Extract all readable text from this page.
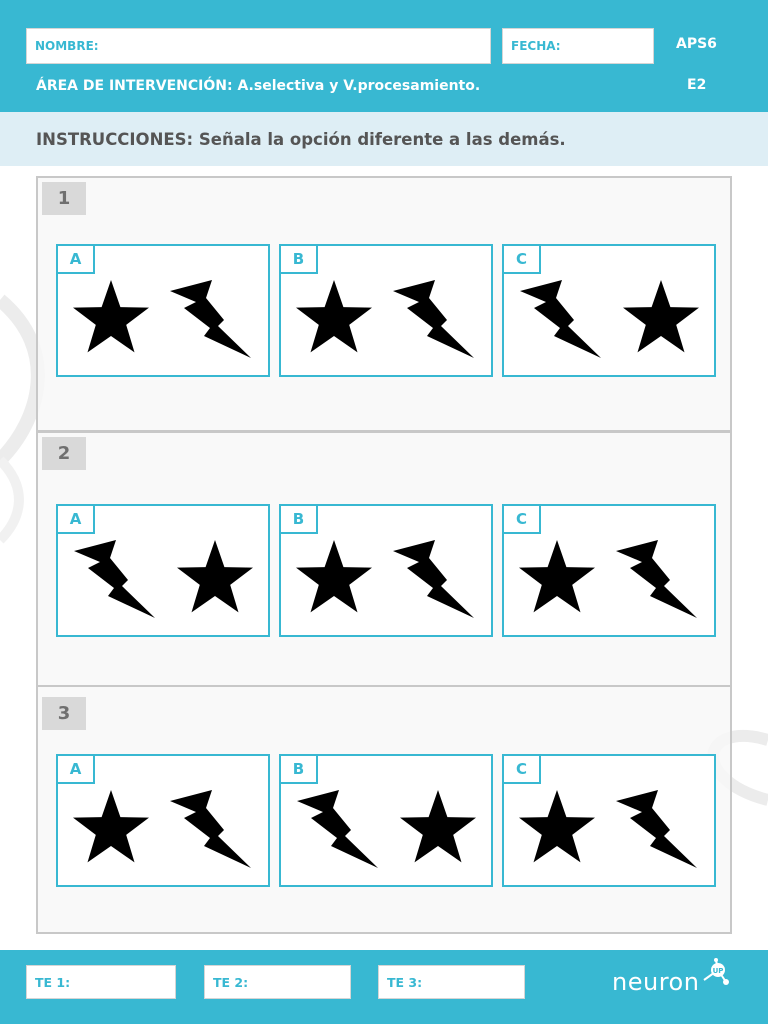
NOMBRE:	FECHA:	APS6
ÁREA DE INTERVENCIÓN: A.selectiva y V.procesamiento.	E2
INSTRUCCIONES: Señala la opción diferente a las demás.
1
A	B	C
2
A	B	C
3
A	B	C
TE 1:	TE 2:	TE 3:	neuron UP
